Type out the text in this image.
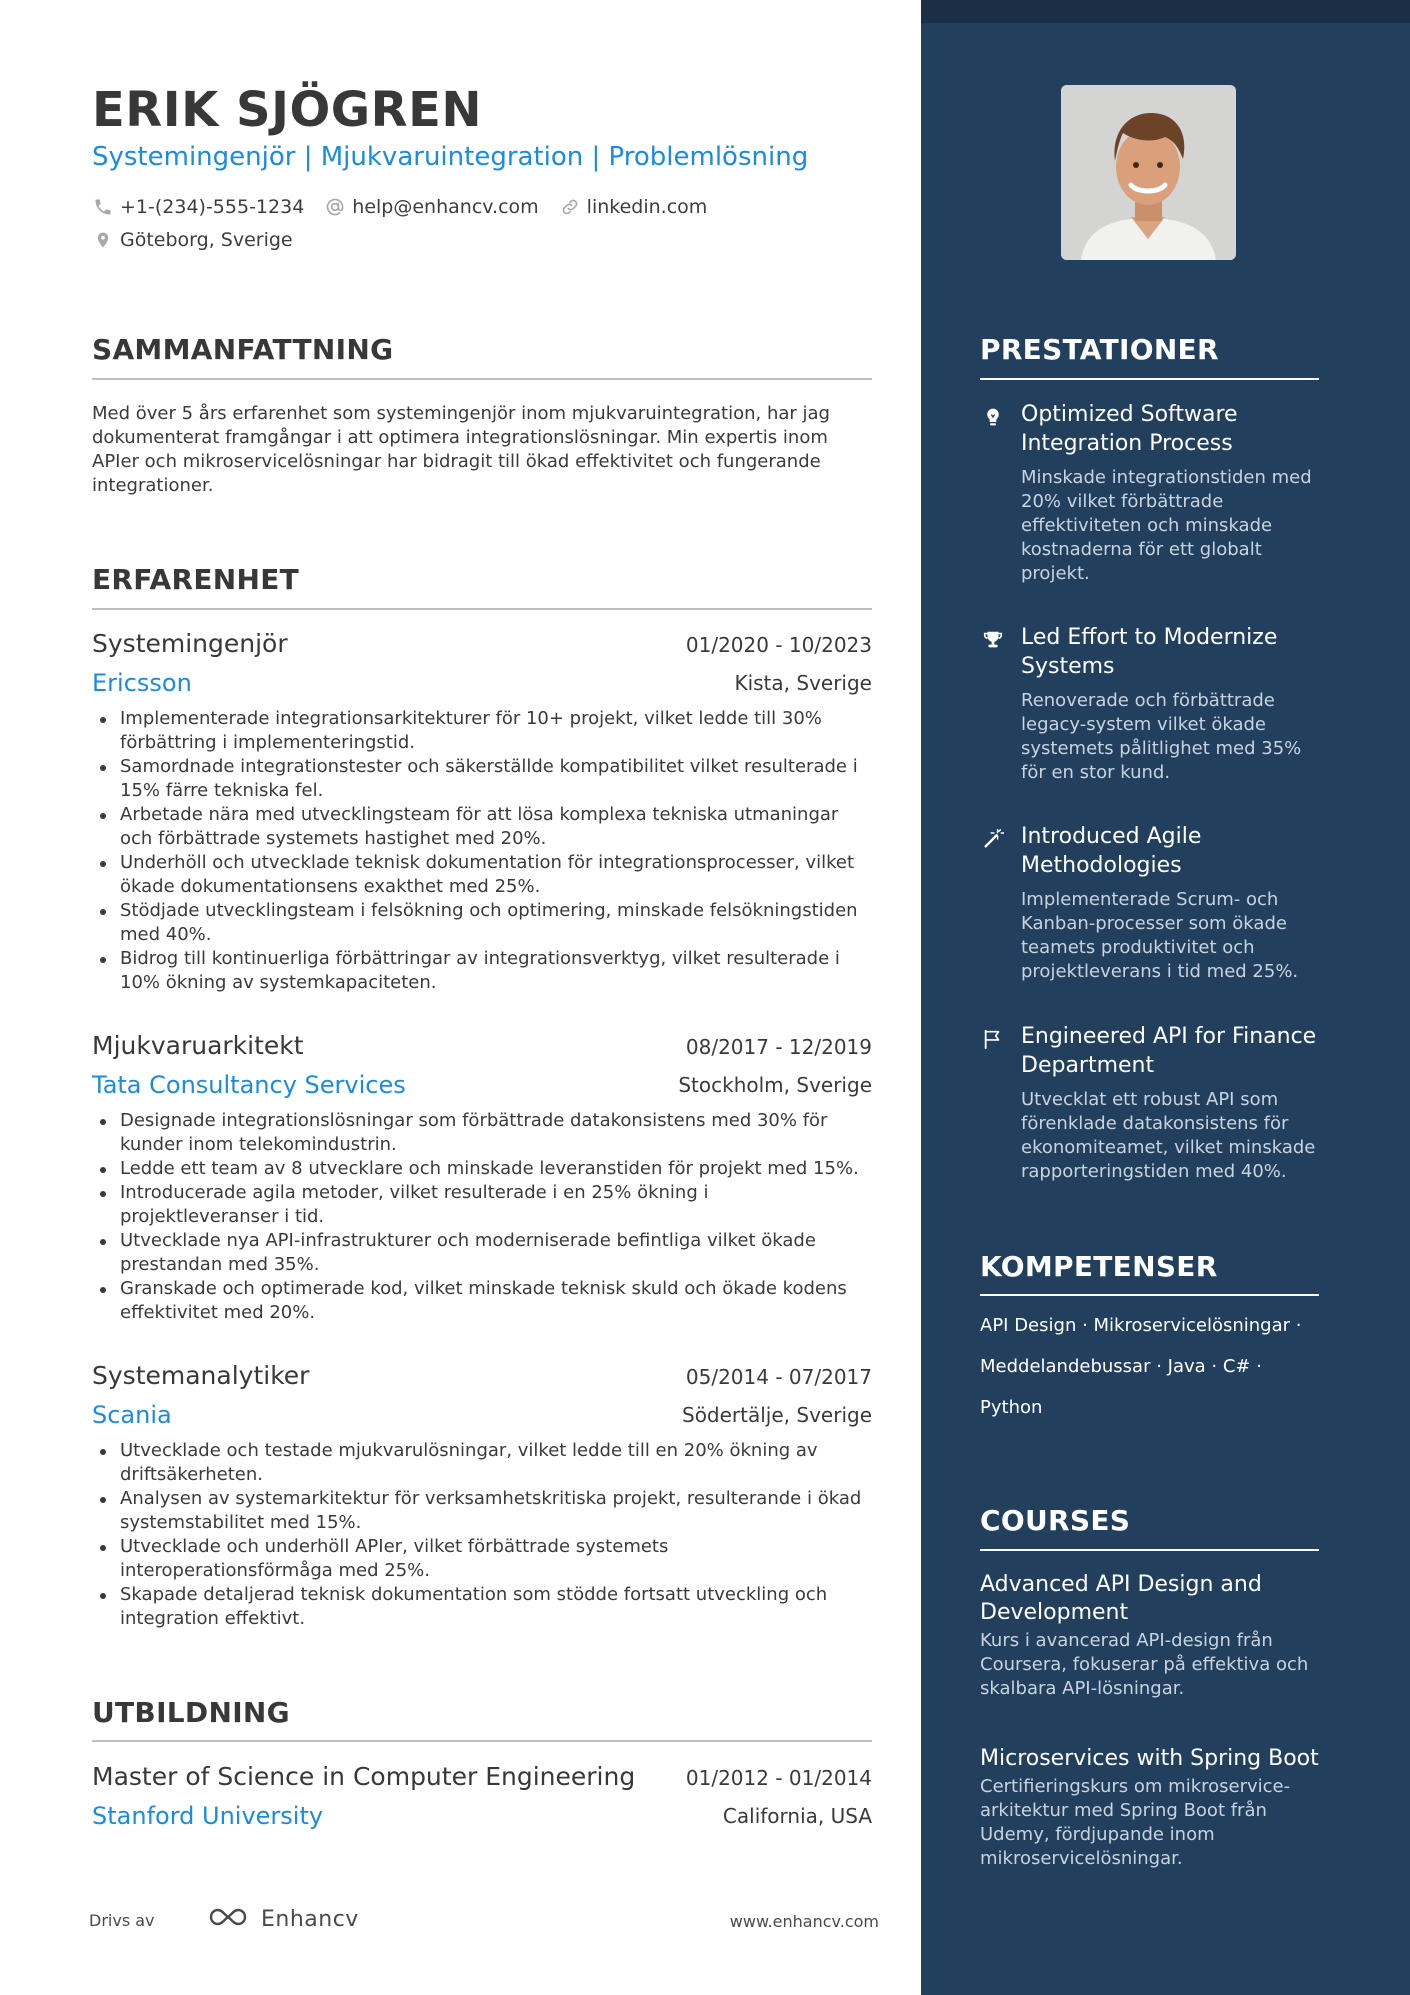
ERIK SJÖGREN
Systemingenjör | Mjukvaruintegration | Problemlösning
+1-(234)-555-1234	help@enhancv.com	linkedin.com
Göteborg, Sverige
SAMMANFATTNING

Med över 5 års erfarenhet som systemingenjör inom mjukvaruintegration, har jag dokumenterat framgångar i att optimera integrationslösningar. Min expertis inom APIer och mikroservicelösningar har bidragit till ökad effektivitet och fungerande integrationer.

ERFARENHET
Systemingenjör	01/2020 - 10/2023
Ericsson	Kista, Sverige
Implementerade integrationsarkitekturer för 10+ projekt, vilket ledde till 30% förbättring i implementeringstid.
Samordnade integrationstester och säkerställde kompatibilitet vilket resulterade i 15% färre tekniska fel.
Arbetade nära med utvecklingsteam för att lösa komplexa tekniska utmaningar och förbättrade systemets hastighet med 20%.
Underhöll och utvecklade teknisk dokumentation för integrationsprocesser, vilket ökade dokumentationsens exakthet med 25%.
Stödjade utvecklingsteam i felsökning och optimering, minskade felsökningstiden med 40%.
Bidrog till kontinuerliga förbättringar av integrationsverktyg, vilket resulterade i 10% ökning av systemkapaciteten.
Mjukvaruarkitekt	08/2017 - 12/2019
Tata Consultancy Services	Stockholm, Sverige
Designade integrationslösningar som förbättrade datakonsistens med 30% för kunder inom telekomindustrin.
Ledde ett team av 8 utvecklare och minskade leveranstiden för projekt med 15%.
Introducerade agila metoder, vilket resulterade i en 25% ökning i projektleveranser i tid.
Utvecklade nya API-infrastrukturer och moderniserade befintliga vilket ökade prestandan med 35%.
Granskade och optimerade kod, vilket minskade teknisk skuld och ökade kodens effektivitet med 20%.
Systemanalytiker	05/2014 - 07/2017
Scania	Södertälje, Sverige
Utvecklade och testade mjukvarulösningar, vilket ledde till en 20% ökning av driftsäkerheten.
Analysen av systemarkitektur för verksamhetskritiska projekt, resulterande i ökad systemstabilitet med 15%.
Utvecklade och underhöll APIer, vilket förbättrade systemets interoperationsförmåga med 25%.
Skapade detaljerad teknisk dokumentation som stödde fortsatt utveckling och integration effektivt.
UTBILDNING
Master of Science in Computer Engineering	01/2012 - 01/2014
Stanford University	California, USA
Drivs av	Enhancv	www.enhancv.com
PRESTATIONER
Optimized Software Integration Process
Minskade integrationstiden med 20% vilket förbättrade effektiviteten och minskade kostnaderna för ett globalt projekt.
Led Effort to Modernize Systems
Renoverade och förbättrade legacy-system vilket ökade systemets pålitlighet med 35% för en stor kund.
Introduced Agile Methodologies
Implementerade Scrum- och Kanban-processer som ökade teamets produktivitet och projektleverans i tid med 25%.
Engineered API for Finance Department
Utvecklat ett robust API som förenklade datakonsistens för ekonomiteamet, vilket minskade rapporteringstiden med 40%.
KOMPETENSER
API Design · Mikroservicelösningar ·
Meddelandebussar · Java · C# ·
Python
COURSES
Advanced API Design and Development
Kurs i avancerad API-design från Coursera, fokuserar på effektiva och skalbara API-lösningar.
Microservices with Spring Boot
Certifieringskurs om mikroservice-arkitektur med Spring Boot från Udemy, fördjupande inom mikroservicelösningar.
